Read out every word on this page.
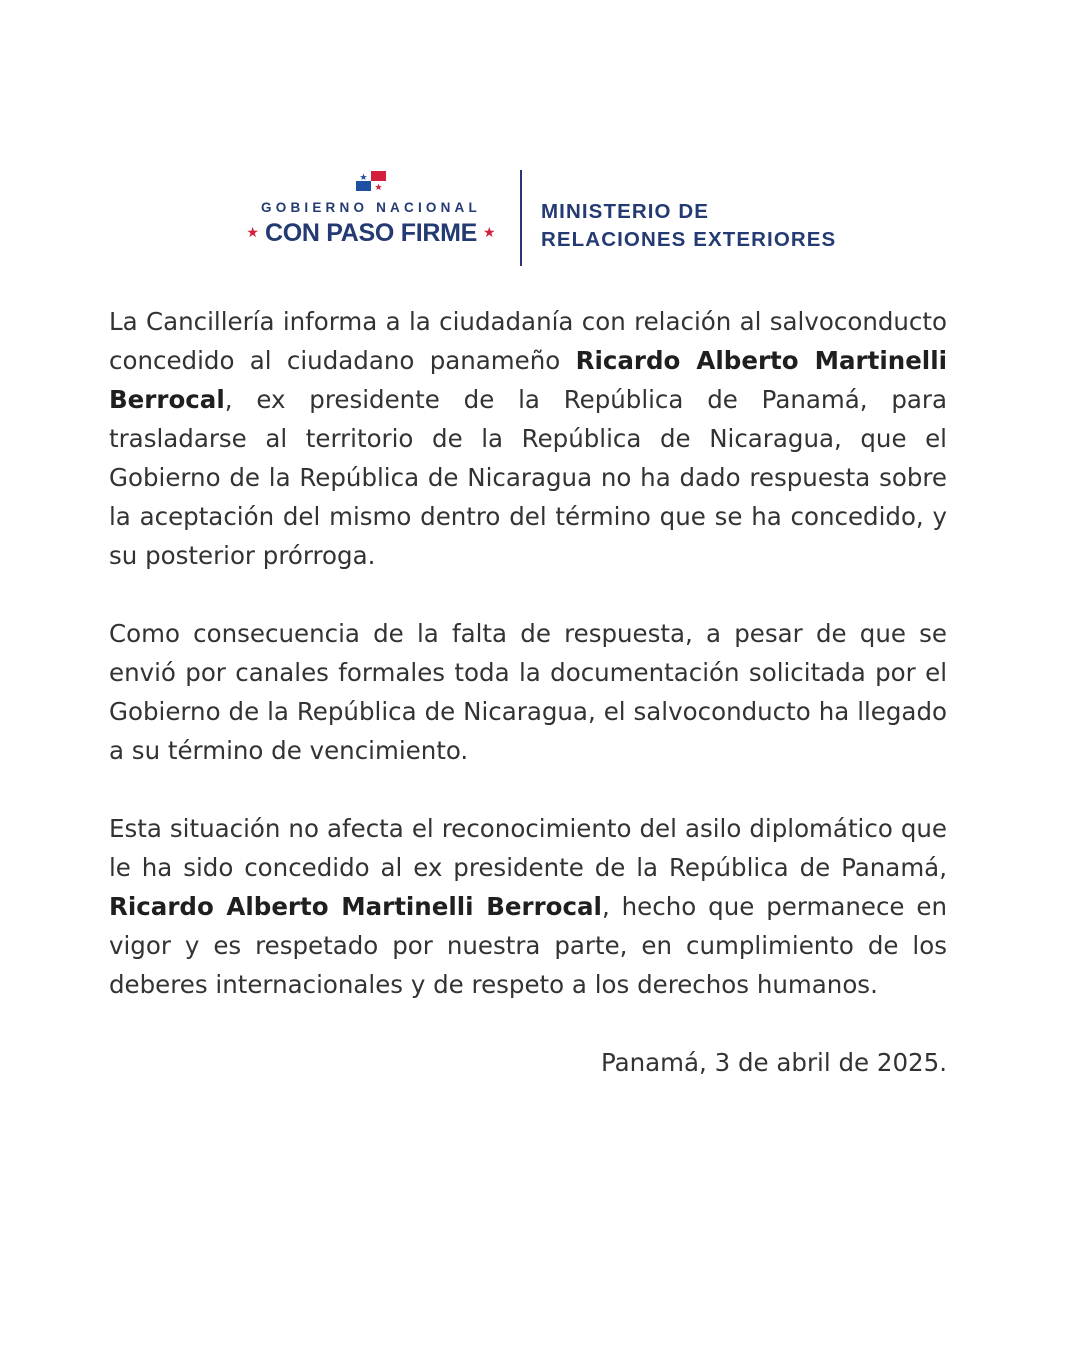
GOBIERNO NACIONAL
★ CON PASO FIRME ★
MINISTERIO DE
RELACIONES EXTERIORES

La Cancillería informa a la ciudadanía con relación al salvoconducto concedido al ciudadano panameño Ricardo Alberto Martinelli Berrocal, ex presidente de la República de Panamá, para trasladarse al territorio de la República de Nicaragua, que el Gobierno de la República de Nicaragua no ha dado respuesta sobre la aceptación del mismo dentro del término que se ha concedido, y su posterior prórroga.

Como consecuencia de la falta de respuesta, a pesar de que se envió por canales formales toda la documentación solicitada por el Gobierno de la República de Nicaragua, el salvoconducto ha llegado a su término de vencimiento.

Esta situación no afecta el reconocimiento del asilo diplomático que le ha sido concedido al ex presidente de la República de Panamá, Ricardo Alberto Martinelli Berrocal, hecho que permanece en vigor y es respetado por nuestra parte, en cumplimiento de los deberes internacionales y de respeto a los derechos humanos.

Panamá, 3 de abril de 2025.
